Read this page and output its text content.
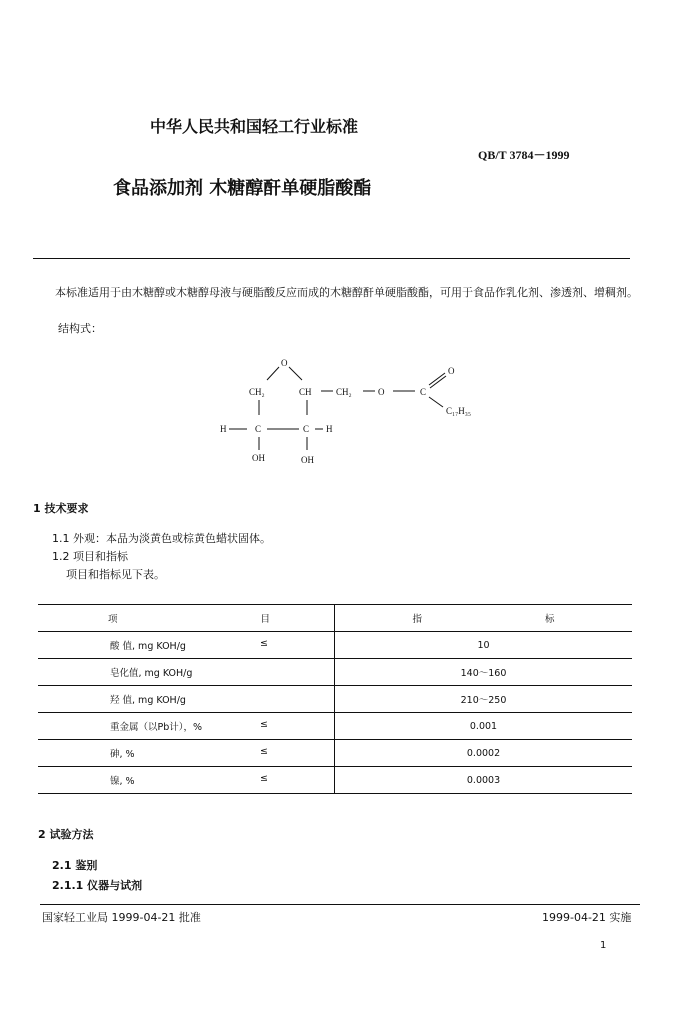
中华人民共和国轻工行业标准
QB/T 3784－1999
食品添加剂 木糖醇酐单硬脂酸酯
本标准适用于由木糖醇或木糖醇母液与硬脂酸反应而成的木糖醇酐单硬脂酸酯，可用于食品作乳化剂、渗透剂、增稠剂。
结构式：
O
CH₂	CH	CH₂	O	C
O
C₁₇H₃₅
H	C	C H
OH	OH
1 技术要求
1.1 外观：本品为淡黄色或棕黄色蜡状固体。
1.2 项目和指标
项目和指标见下表。
项 目	指 标
酸 值, mg KOH/g ≤	10
皂化值, mg KOH/g	140～160
羟 值, mg KOH/g	210～250
重金属（以Pb计），% ≤	0.001
砷, % ≤	0.0002
镍, % ≤	0.0003
2 试验方法
2.1 鉴别
2.1.1 仪器与试剂
国家轻工业局 1999-04-21 批准	1999-04-21 实施
1
